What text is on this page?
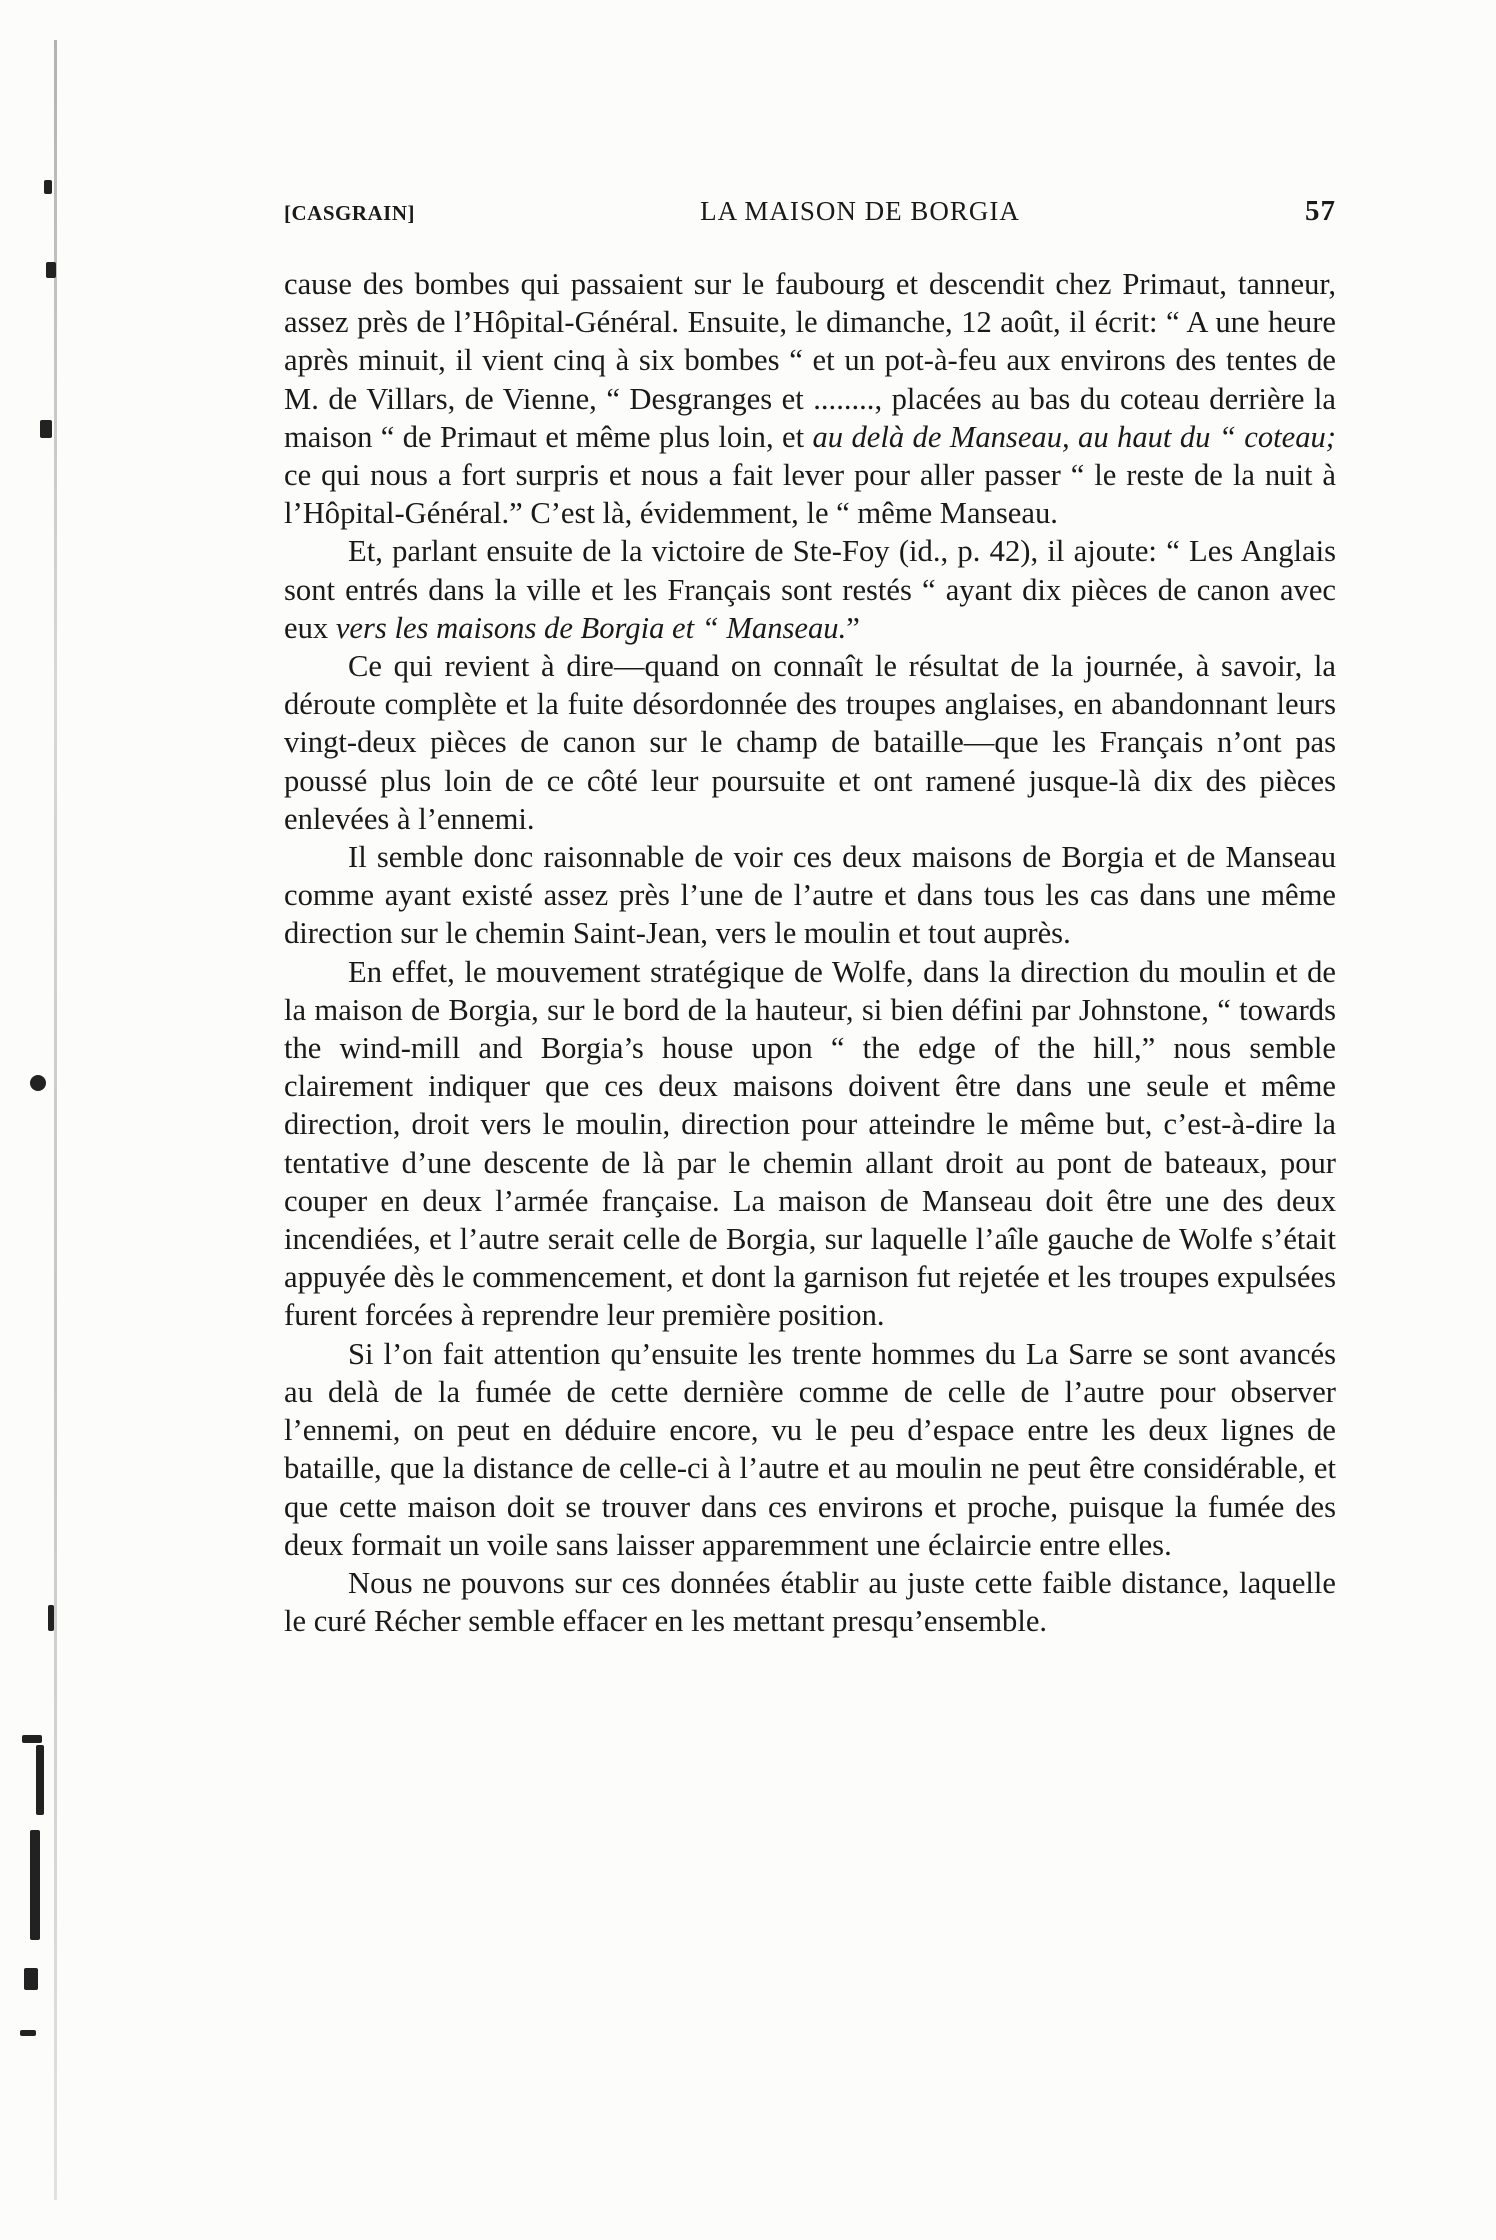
[CASGRAIN]	LA MAISON DE BORGIA	57

cause des bombes qui passaient sur le faubourg et descendit chez Primaut, tanneur, assez près de l’Hôpital-Général. Ensuite, le dimanche, 12 août, il écrit: “ A une heure après minuit, il vient cinq à six bombes “ et un pot-à-feu aux environs des tentes de M. de Villars, de Vienne, “ Desgranges et ........, placées au bas du coteau derrière la maison “ de Primaut et même plus loin, et au delà de Manseau, au haut du “ coteau; ce qui nous a fort surpris et nous a fait lever pour aller passer “ le reste de la nuit à l’Hôpital-Général.” C’est là, évidemment, le “ même Manseau.

Et, parlant ensuite de la victoire de Ste-Foy (id., p. 42), il ajoute: “ Les Anglais sont entrés dans la ville et les Français sont restés “ ayant dix pièces de canon avec eux vers les maisons de Borgia et “ Manseau.”

Ce qui revient à dire—quand on connaît le résultat de la journée, à savoir, la déroute complète et la fuite désordonnée des troupes anglaises, en abandonnant leurs vingt-deux pièces de canon sur le champ de bataille—que les Français n’ont pas poussé plus loin de ce côté leur poursuite et ont ramené jusque-là dix des pièces enlevées à l’ennemi.

Il semble donc raisonnable de voir ces deux maisons de Borgia et de Manseau comme ayant existé assez près l’une de l’autre et dans tous les cas dans une même direction sur le chemin Saint-Jean, vers le moulin et tout auprès.

En effet, le mouvement stratégique de Wolfe, dans la direction du moulin et de la maison de Borgia, sur le bord de la hauteur, si bien défini par Johnstone, “ towards the wind-mill and Borgia’s house upon “ the edge of the hill,” nous semble clairement indiquer que ces deux maisons doivent être dans une seule et même direction, droit vers le moulin, direction pour atteindre le même but, c’est-à-dire la tentative d’une descente de là par le chemin allant droit au pont de bateaux, pour couper en deux l’armée française. La maison de Manseau doit être une des deux incendiées, et l’autre serait celle de Borgia, sur laquelle l’aîle gauche de Wolfe s’était appuyée dès le commencement, et dont la garnison fut rejetée et les troupes expulsées furent forcées à reprendre leur première position.

Si l’on fait attention qu’ensuite les trente hommes du La Sarre se sont avancés au delà de la fumée de cette dernière comme de celle de l’autre pour observer l’ennemi, on peut en déduire encore, vu le peu d’espace entre les deux lignes de bataille, que la distance de celle-ci à l’autre et au moulin ne peut être considérable, et que cette maison doit se trouver dans ces environs et proche, puisque la fumée des deux formait un voile sans laisser apparemment une éclaircie entre elles.

Nous ne pouvons sur ces données établir au juste cette faible distance, laquelle le curé Récher semble effacer en les mettant presqu’ensemble.
